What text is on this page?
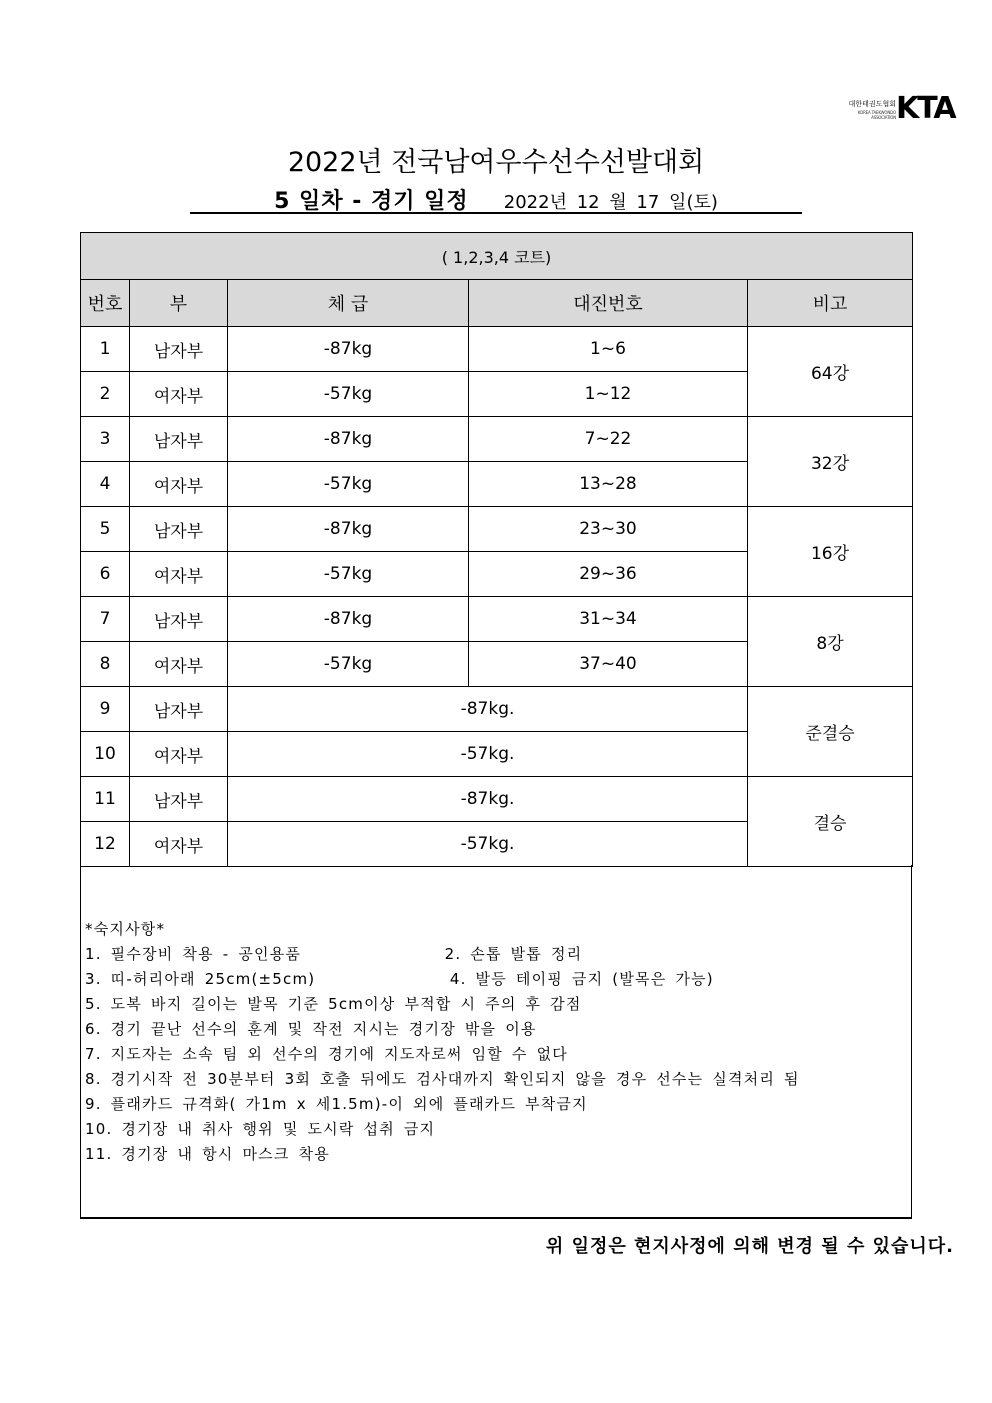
대한태권도협회
KOREA TAEKWONDO ASSOCIATION KTA
2022년 전국남여우수선수선발대회
5 일차 - 경기 일정 2022년 12 월 17 일(토)
( 1,2,3,4 코트)				
번호	부	체 급	대진번호	비고
1	남자부	-87kg	1~6	64강
2	여자부	-57kg	1~12	
3	남자부	-87kg	7~22	32강
4	여자부	-57kg	13~28	
5	남자부	-87kg	23~30	16강
6	여자부	-57kg	29~36	
7	남자부	-87kg	31~34	8강
8	여자부	-57kg	37~40	
9	남자부	-87kg.		준결승
10	여자부	-57kg.		
11	남자부	-87kg.		결승
12	여자부	-57kg.		
*숙지사항*
1. 필수장비 착용 - 공인용품                2. 손톱 발톱 정리
3. 띠-허리아래 25cm(±5cm)               4. 발등 테이핑 금지 (발목은 가능)
5. 도복 바지 길이는 발목 기준 5cm이상 부적합 시 주의 후 감점
6. 경기 끝난 선수의 훈계 및 작전 지시는 경기장 밖을 이용
7. 지도자는 소속 팀 외 선수의 경기에 지도자로써 임할 수 없다
8. 경기시작 전 30분부터 3회 호출 뒤에도 검사대까지 확인되지 않을 경우 선수는 실격처리 됨
9. 플래카드 규격화( 가1m x 세1.5m)-이 외에 플래카드 부착금지
10. 경기장 내 취사 행위 및 도시락 섭취 금지
11. 경기장 내 항시 마스크 착용
위 일정은 현지사정에 의해 변경 될 수 있습니다.
